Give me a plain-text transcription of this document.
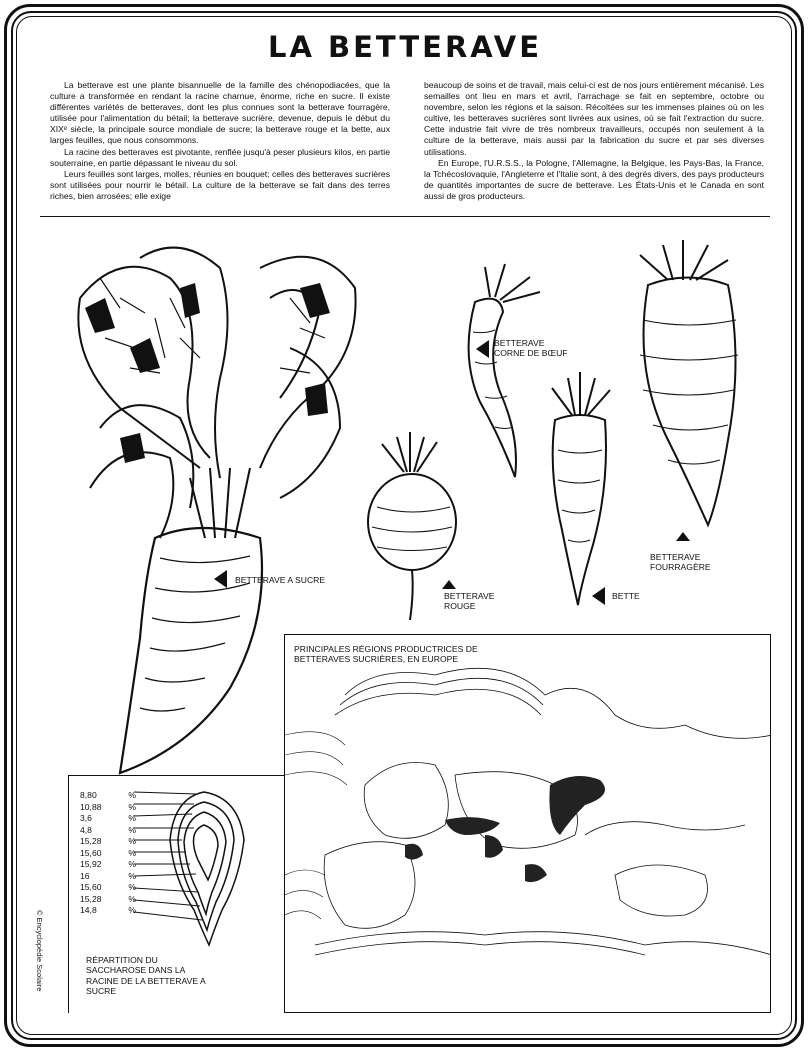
LA BETTERAVE

La betterave est une plante bisannuelle de la famille des chénopodiacées, que la culture a transformée en rendant la racine charnue, énorme, riche en sucre. Il existe différentes variétés de betteraves, dont les plus connues sont la betterave fourragère, utilisée pour l'alimentation du bétail; la betterave sucrière, devenue, depuis le début du XIXᵉ siècle, la principale source mondiale de sucre; la betterave rouge et la bette, aux larges feuilles, que nous consommons.

La racine des betteraves est pivotante, renflée jusqu'à peser plusieurs kilos, en partie souterraine, en partie dépassant le niveau du sol.

Leurs feuilles sont larges, molles, réunies en bouquet; celles des betteraves sucrières sont utilisées pour nourrir le bétail. La culture de la betterave se fait dans des terres riches, bien arrosées; elle exige

beaucoup de soins et de travail, mais celui-ci est de nos jours entièrement mécanisé. Les semailles ont lieu en mars et avril, l'arrachage se fait en septembre, octobre ou novembre, selon les régions et la saison. Récoltées sur les immenses plaines où on les cultive, les betteraves sucrières sont livrées aux usines, où se fait l'extraction du sucre. Cette industrie fait vivre de très nombreux travailleurs, occupés non seulement à la culture de la betterave, mais aussi par la fabrication du sucre et par ses diverses utilisations.

En Europe, l'U.R.S.S., la Pologne, l'Allemagne, la Belgique, les Pays-Bas, la France, la Tchécoslovaquie, l'Angleterre et l'Italie sont, à des degrés divers, des pays producteurs de quantités importantes de sucre de betterave. Les États-Unis et le Canada en sont aussi de gros producteurs.

BETTERAVE A SUCRE
BETTERAVE
ROUGE
BETTERAVE
CORNE DE BŒUF
BETTE
BETTERAVE
FOURRAGÈRE
PRINCIPALES RÉGIONS PRODUCTRICES DE BETTERAVES SUCRIÈRES, EN EUROPE
8,80	%
10,88	%
3,6	%
4,8	%
15,28	%
15,60	%
15,92	%
16	%
15,60	%
15,28	%
14,8	%
RÉPARTITION DU SACCHAROSE DANS LA RACINE DE LA BETTERAVE A SUCRE
© Encyclopédie Scolaire
